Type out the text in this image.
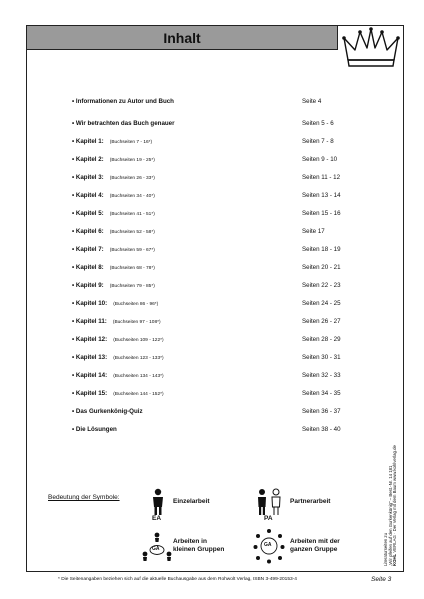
Inhalt
• Informationen zu Autor und Buch	Seite 4
• Wir betrachten das Buch genauer	Seiten 5 - 6
• Kapitel 1: (Buchseiten 7 - 16*)	Seiten 7 - 8
• Kapitel 2: (Buchseiten 19 - 25*)	Seiten 9 - 10
• Kapitel 3: (Buchseiten 26 - 33*)	Seiten 11 - 12
• Kapitel 4: (Buchseiten 34 - 40*)	Seiten 13 - 14
• Kapitel 5: (Buchseiten 41 - 51*)	Seiten 15 - 16
• Kapitel 6: (Buchseiten 52 - 58*)	Seite 17
• Kapitel 7: (Buchseiten 59 - 67*)	Seiten 18 - 19
• Kapitel 8: (Buchseiten 68 - 78*)	Seiten 20 - 21
• Kapitel 9: (Buchseiten 79 - 85*)	Seiten 22 - 23
• Kapitel 10: (Buchseiten 86 - 96*)	Seiten 24 - 25
• Kapitel 11: (Buchseiten 97 - 108*)	Seiten 26 - 27
• Kapitel 12: (Buchseiten 109 - 122*)	Seiten 28 - 29
• Kapitel 13: (Buchseiten 123 - 133*)	Seiten 30 - 31
• Kapitel 14: (Buchseiten 134 - 143*)	Seiten 32 - 33
• Kapitel 15: (Buchseiten 144 - 152*)	Seiten 34 - 35
• Das Gurkenkönig-Quiz	Seiten 36 - 37
• Die Lösungen	Seiten 38 - 40
Literaturseiten zu „Wir pfeifen auf den Gurkenkönig" – Best.-Nr. 14 181 KOHL VERLAG · Der Verlag mit dem Baum www.kohlverlag.de
Bedeutung der Symbole:
EA
Einzelarbeit
PA
Partnerarbeit
GA
Arbeiten in
kleinen Gruppen
GA	Arbeiten mit der
ganzen Gruppe
* Die Seitenangaben beziehen sich auf die aktuelle Buchausgabe aus dem Rohwolt Verlag, ISBN 3-499-20153-4	Seite 3
